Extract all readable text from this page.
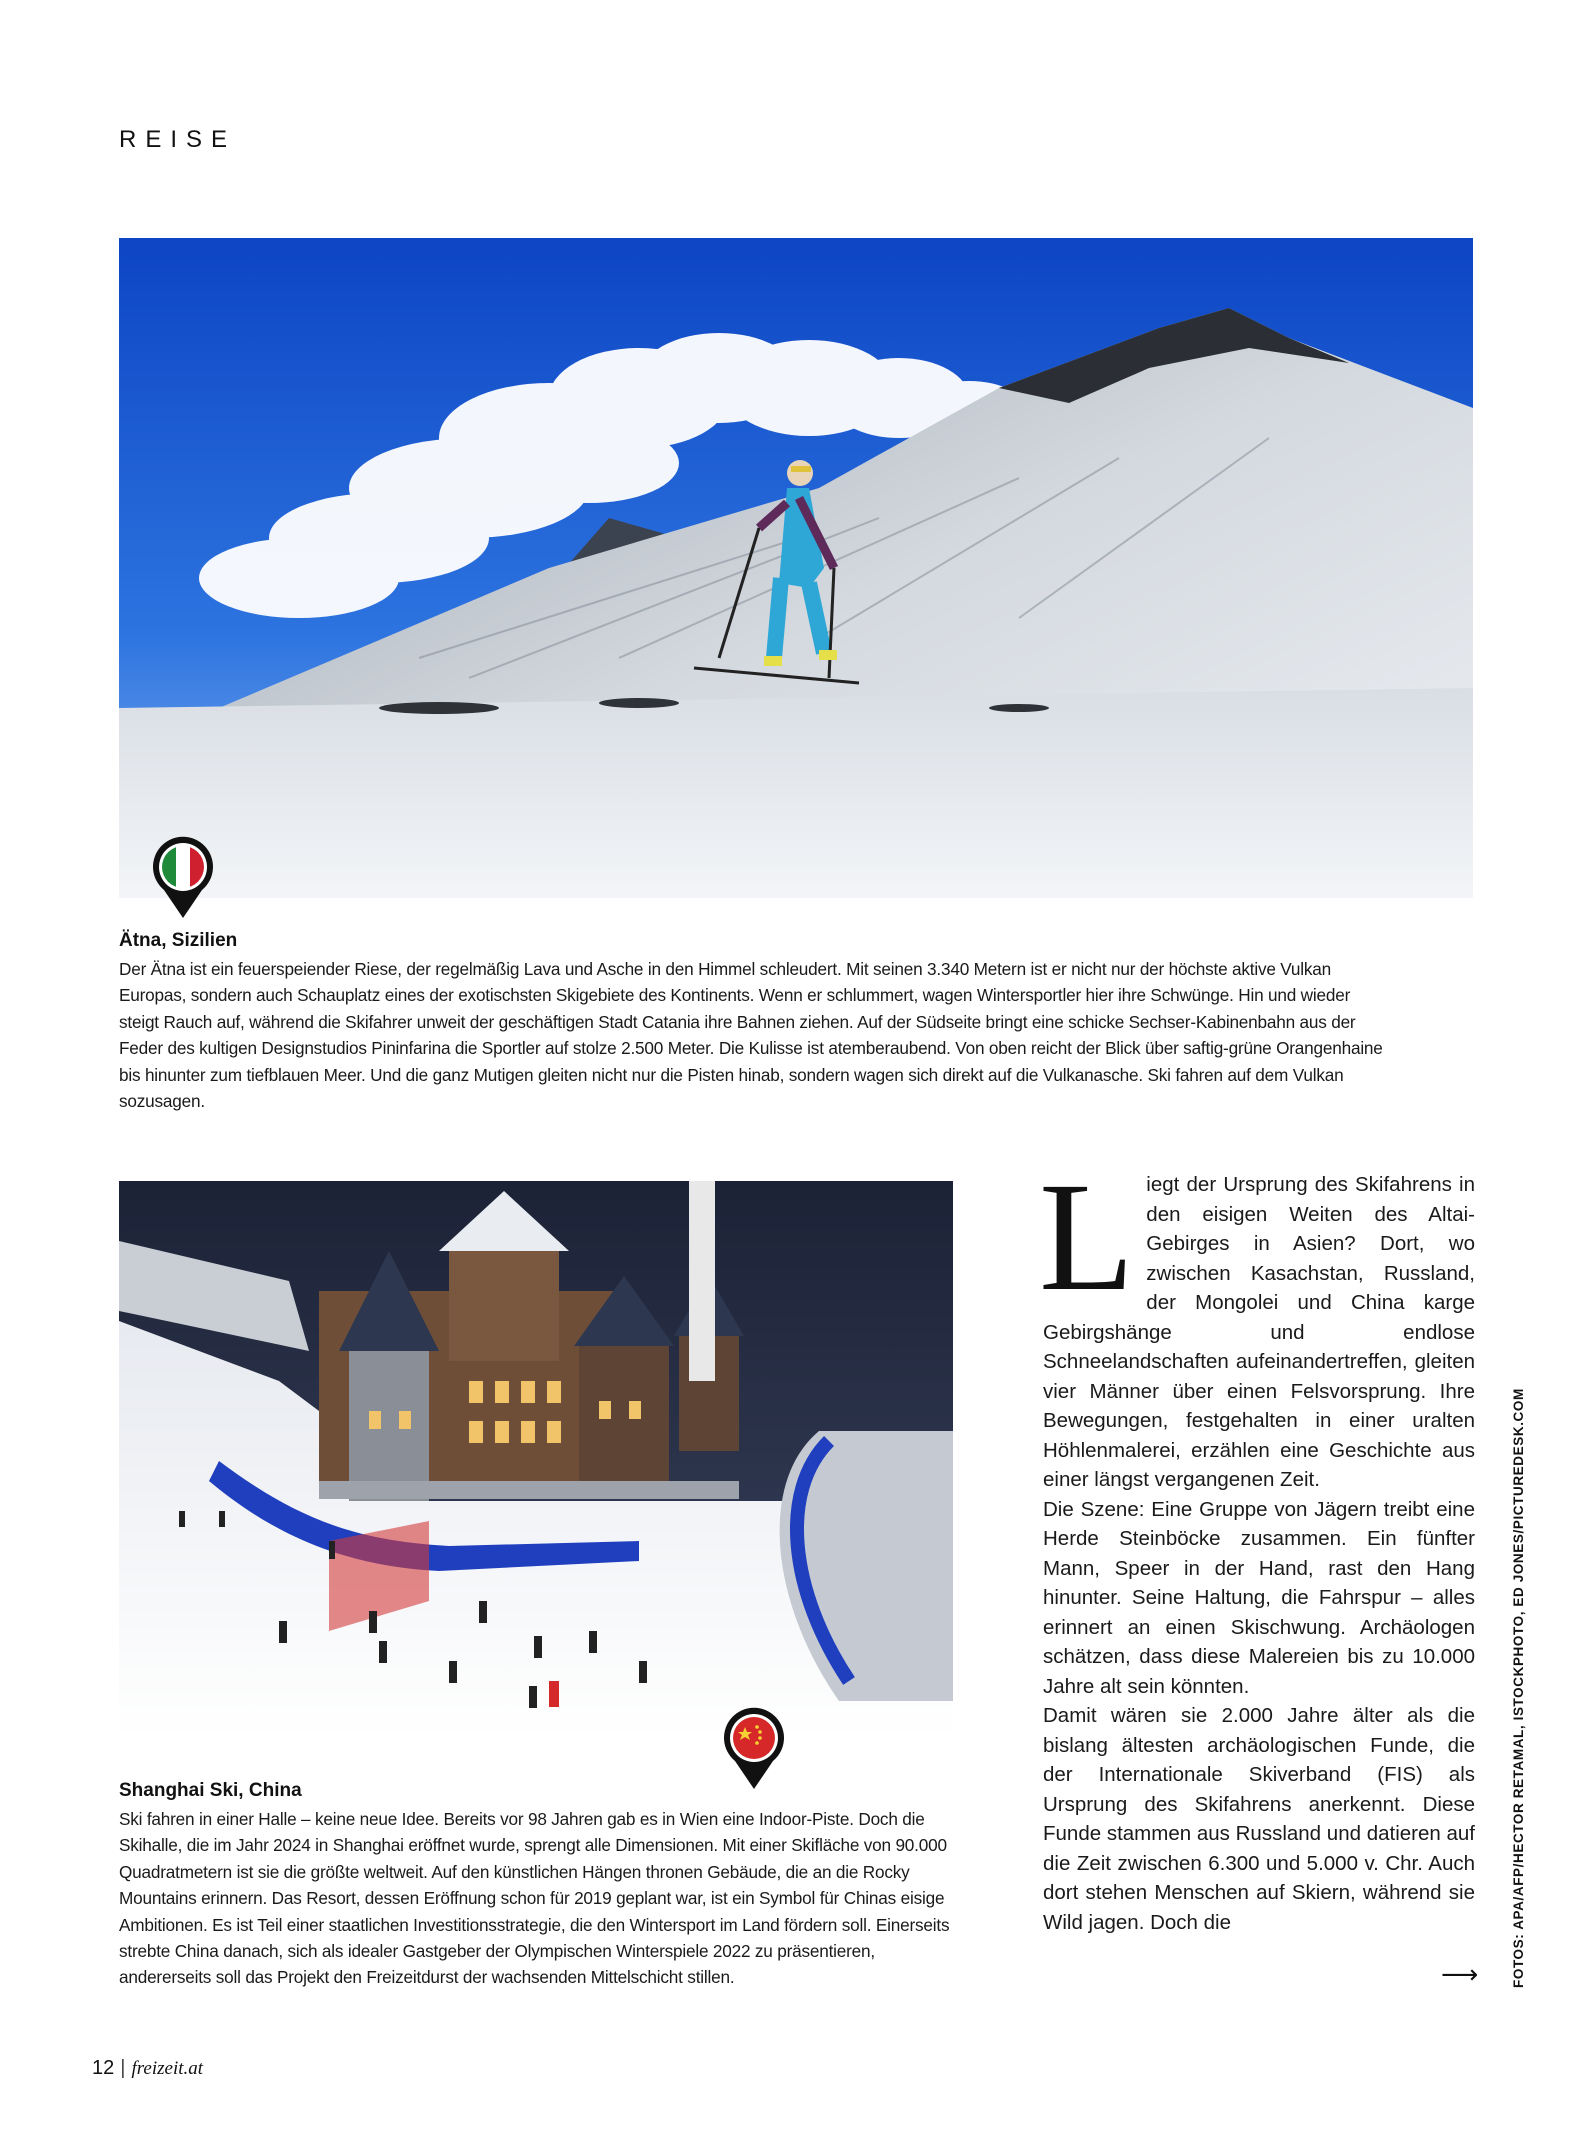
REISE
Ätna, Sizilien

Der Ätna ist ein feuerspeiender Riese, der regelmäßig Lava und Asche in den Himmel schleudert. Mit seinen 3.340 Metern ist er nicht nur der höchste aktive Vulkan Europas, sondern auch Schauplatz eines der exotischsten Skigebiete des Kontinents. Wenn er schlummert, wagen Wintersportler hier ihre Schwünge. Hin und wieder steigt Rauch auf, während die Skifahrer unweit der geschäftigen Stadt Catania ihre Bahnen ziehen. Auf der Südseite bringt eine schicke Sechser-Kabinenbahn aus der Feder des kultigen Designstudios Pininfarina die Sportler auf stolze 2.500 Meter. Die Kulisse ist atemberaubend. Von oben reicht der Blick über saftig-grüne Orangenhaine bis hinunter zum tiefblauen Meer. Und die ganz Mutigen gleiten nicht nur die Pisten hinab, sondern wagen sich direkt auf die Vulkanasche. Ski fahren auf dem Vulkan sozusagen.

Shanghai Ski, China

Ski fahren in einer Halle – keine neue Idee. Bereits vor 98 Jahren gab es in Wien eine Indoor-Piste. Doch die Skihalle, die im Jahr 2024 in Shanghai eröffnet wurde, sprengt alle Dimensionen. Mit einer Skifläche von 90.000 Quadratmetern ist sie die größte weltweit. Auf den künstlichen Hängen thronen Gebäude, die an die Rocky Mountains erinnern. Das Resort, dessen Eröffnung schon für 2019 geplant war, ist ein Symbol für Chinas eisige Ambitionen. Es ist Teil einer staatlichen Investitionsstrategie, die den Wintersport im Land fördern soll. Einerseits strebte China danach, sich als idealer Gastgeber der Olympischen Winterspiele 2022 zu präsentieren, andererseits soll das Projekt den Freizeitdurst der wachsenden Mittelschicht stillen.

L iegt der Ursprung des Skifahrens in den eisigen Weiten des Altai-Gebirges in Asien? Dort, wo zwischen Kasachstan, Russland, der Mongolei und China karge Gebirgshänge und endlose Schneelandschaften aufeinandertreffen, gleiten vier Männer über einen Felsvorsprung. Ihre Bewegungen, festgehalten in einer uralten Höhlenmalerei, erzählen eine Geschichte aus einer längst vergangenen Zeit.

Die Szene: Eine Gruppe von Jägern treibt eine Herde Steinböcke zusammen. Ein fünfter Mann, Speer in der Hand, rast den Hang hinunter. Seine Haltung, die Fahrspur – alles erinnert an einen Skischwung. Archäologen schätzen, dass diese Malereien bis zu 10.000 Jahre alt sein könnten.

Damit wären sie 2.000 Jahre älter als die bislang ältesten archäologischen Funde, die der Internationale Skiverband (FIS) als Ursprung des Skifahrens anerkennt. Diese Funde stammen aus Russland und datieren auf die Zeit zwischen 6.300 und 5.000 v. Chr. Auch dort stehen Menschen auf Skiern, während sie Wild jagen. Doch die

⟶
12 | freizeit.at
FOTOS: APA/AFP/HECTOR RETAMAL, ISTOCKPHOTO, ED JONES/PICTUREDESK.COM
